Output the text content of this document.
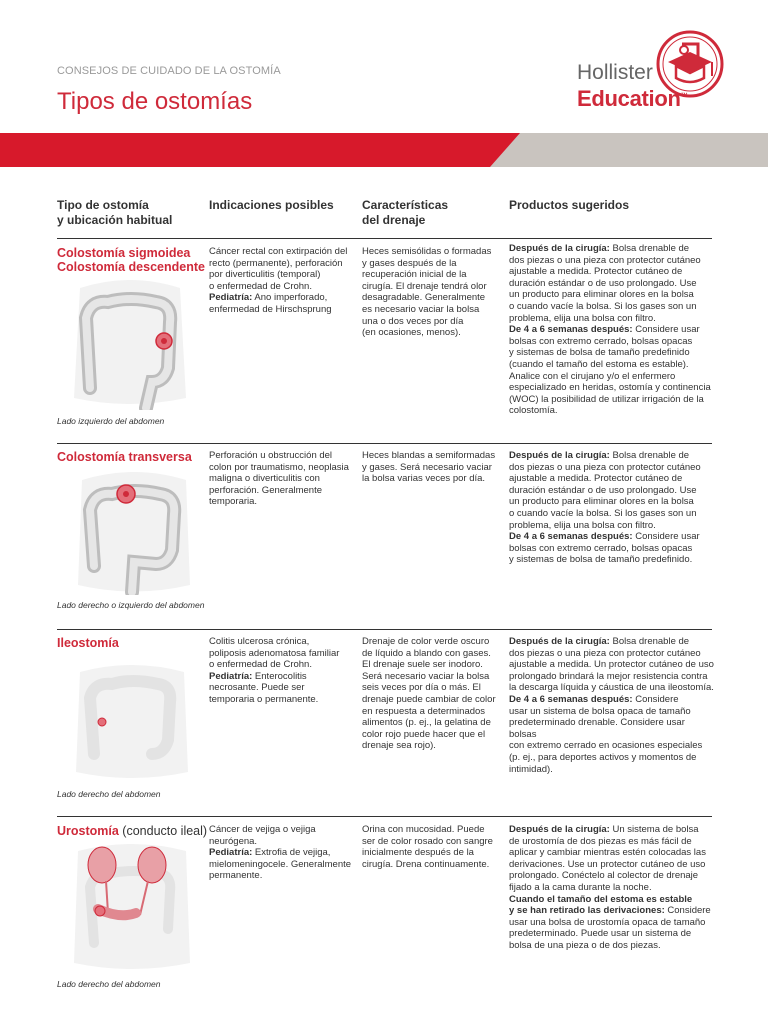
CONSEJOS DE CUIDADO DE LA OSTOMÍA
Tipos de ostomías
Hollister
Education™
Tipo de ostomía
y ubicación habitual
Indicaciones posibles Características
del drenaje
Productos sugeridos
Colostomía sigmoidea
Colostomía descendente
Lado izquierdo del abdomen
Cáncer rectal con extirpación del
recto (permanente), perforación
por diverticulitis (temporal)
o enfermedad de Crohn.
Pediatría: Ano imperforado,
enfermedad de Hirschsprung
Heces semisólidas o formadas
y gases después de la
recuperación inicial de la
cirugía. El drenaje tendrá olor
desagradable. Generalmente
es necesario vaciar la bolsa
una o dos veces por día
(en ocasiones, menos).
Después de la cirugía: Bolsa drenable de
dos piezas o una pieza con protector cutáneo
ajustable a medida. Protector cutáneo de
duración estándar o de uso prolongado. Use
un producto para eliminar olores en la bolsa
o cuando vacíe la bolsa. Si los gases son un
problema, elija una bolsa con filtro.
De 4 a 6 semanas después: Considere usar
bolsas con extremo cerrado, bolsas opacas
y sistemas de bolsa de tamaño predefinido
(cuando el tamaño del estoma es estable).
Analice con el cirujano y/o el enfermero
especializado en heridas, ostomía y continencia
(WOC) la posibilidad de utilizar irrigación de la
colostomía.
Colostomía transversa
Lado derecho o izquierdo del abdomen
Perforación u obstrucción del
colon por traumatismo, neoplasia
maligna o diverticulitis con
perforación. Generalmente
temporaria.
Heces blandas a semiformadas
y gases. Será necesario vaciar
la bolsa varias veces por día.
Después de la cirugía: Bolsa drenable de
dos piezas o una pieza con protector cutáneo
ajustable a medida. Protector cutáneo de
duración estándar o de uso prolongado. Use
un producto para eliminar olores en la bolsa
o cuando vacíe la bolsa. Si los gases son un
problema, elija una bolsa con filtro.
De 4 a 6 semanas después: Considere usar
bolsas con extremo cerrado, bolsas opacas
y sistemas de bolsa de tamaño predefinido.
Ileostomía
Lado derecho del abdomen
Colitis ulcerosa crónica,
poliposis adenomatosa familiar
o enfermedad de Crohn.
Pediatría: Enterocolitis
necrosante. Puede ser
temporaria o permanente.
Drenaje de color verde oscuro
de líquido a blando con gases.
El drenaje suele ser inodoro.
Será necesario vaciar la bolsa
seis veces por día o más. El
drenaje puede cambiar de color
en respuesta a determinados
alimentos (p. ej., la gelatina de
color rojo puede hacer que el
drenaje sea rojo).
Después de la cirugía: Bolsa drenable de
dos piezas o una pieza con protector cutáneo
ajustable a medida. Un protector cutáneo de uso
prolongado brindará la mejor resistencia contra
la descarga líquida y cáustica de una ileostomía.
De 4 a 6 semanas después: Considere
usar un sistema de bolsa opaca de tamaño
predeterminado drenable. Considere usar bolsas
con extremo cerrado en ocasiones especiales
(p. ej., para deportes activos y momentos de
intimidad).
Urostomía (conducto ileal)
Lado derecho del abdomen
Cáncer de vejiga o vejiga
neurógena.
Pediatría: Extrofia de vejiga,
mielomeningocele. Generalmente
permanente.
Orina con mucosidad. Puede
ser de color rosado con sangre
inicialmente después de la
cirugía. Drena continuamente.
Después de la cirugía: Un sistema de bolsa
de urostomía de dos piezas es más fácil de
aplicar y cambiar mientras estén colocadas las
derivaciones. Use un protector cutáneo de uso
prolongado. Conéctelo al colector de drenaje
fijado a la cama durante la noche.
Cuando el tamaño del estoma es estable
y se han retirado las derivaciones: Considere
usar una bolsa de urostomía opaca de tamaño
predeterminado. Puede usar un sistema de
bolsa de una pieza o de dos piezas.
